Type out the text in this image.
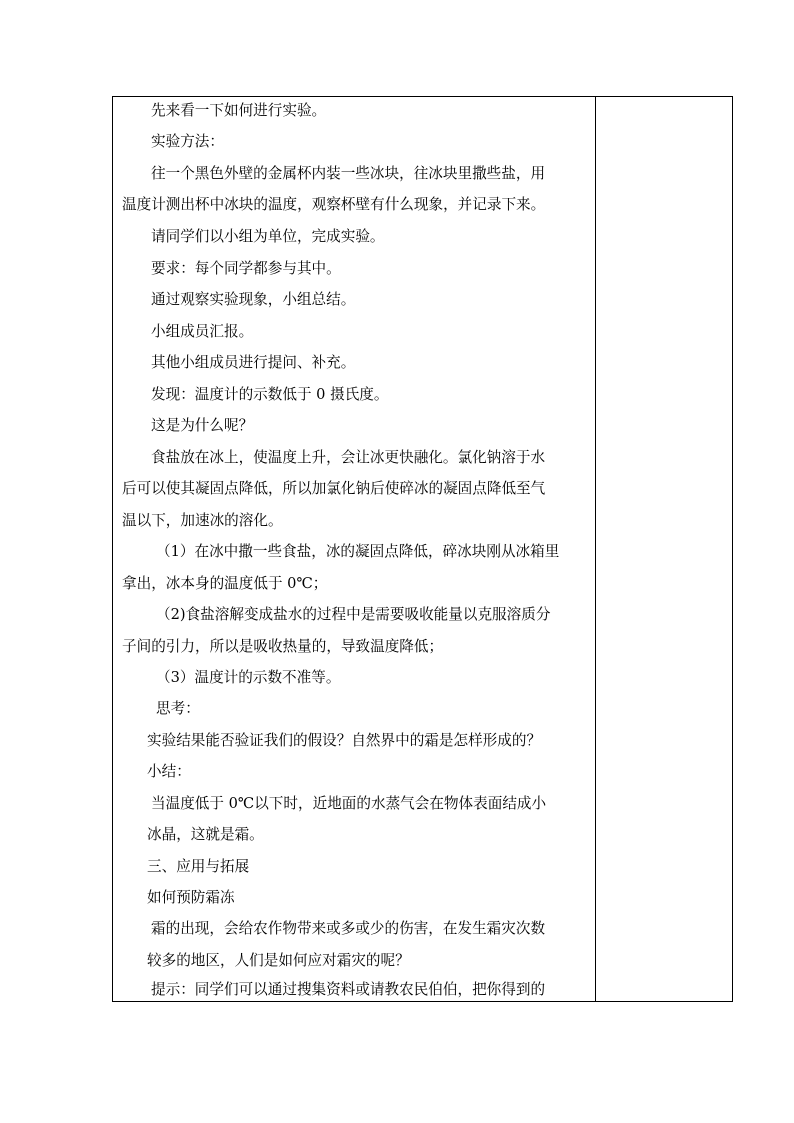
先来看一下如何进行实验。
实验方法：
往一个黑色外壁的金属杯内装一些冰块，往冰块里撒些盐，用
温度计测出杯中冰块的温度，观察杯壁有什么现象，并记录下来。
请同学们以小组为单位，完成实验。
要求：每个同学都参与其中。
通过观察实验现象，小组总结。
小组成员汇报。
其他小组成员进行提问、补充。
发现：温度计的示数低于 0 摄氏度。
这是为什么呢？
食盐放在冰上，使温度上升，会让冰更快融化。氯化钠溶于水
后可以使其凝固点降低，所以加氯化钠后使碎冰的凝固点降低至气
温以下，加速冰的溶化。
（1）在冰中撒一些食盐，冰的凝固点降低，碎冰块刚从冰箱里
拿出，冰本身的温度低于 0℃；
（2)食盐溶解变成盐水的过程中是需要吸收能量以克服溶质分
子间的引力，所以是吸收热量的，导致温度降低；
（3）温度计的示数不准等。
思考：
实验结果能否验证我们的假设？自然界中的霜是怎样形成的？
小结：
当温度低于 0℃以下时，近地面的水蒸气会在物体表面结成小
冰晶，这就是霜。
三、应用与拓展
如何预防霜冻
霜的出现，会给农作物带来或多或少的伤害，在发生霜灾次数
较多的地区，人们是如何应对霜灾的呢？
提示：同学们可以通过搜集资料或请教农民伯伯，把你得到的
